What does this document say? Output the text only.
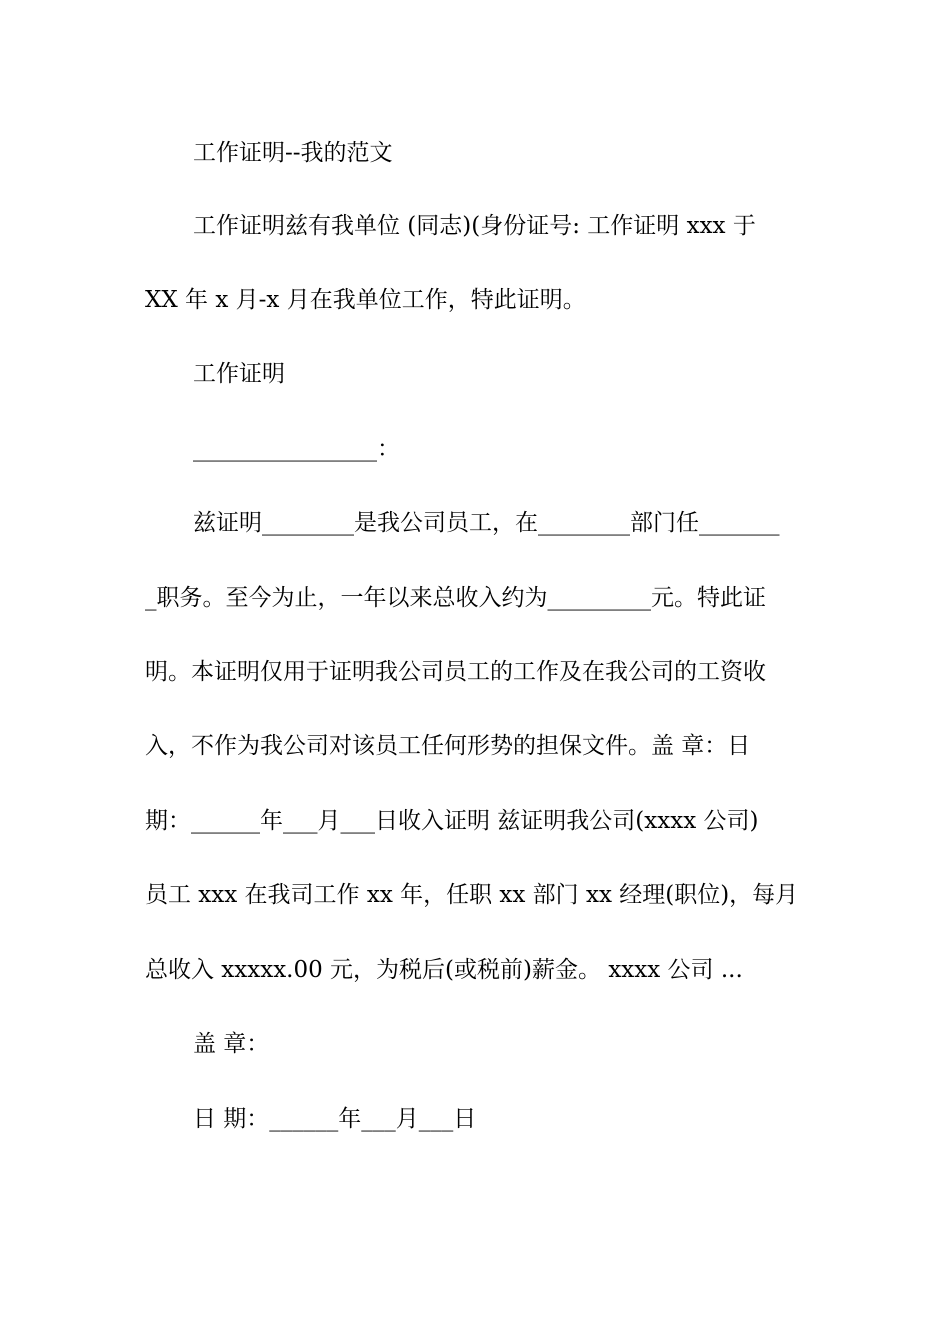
工作证明--我的范文
工作证明兹有我单位 (同志)(身份证号: 工作证明 xxx 于
XX 年 x 月-x 月在我单位工作，特此证明。
工作证明
________________：
兹证明________是我公司员工，在________部门任_______
_职务。至今为止，一年以来总收入约为_________元。特此证
明。本证明仅用于证明我公司员工的工作及在我公司的工资收
入，不作为我公司对该员工任何形势的担保文件。盖 章：日
期：______年___月___日收入证明 兹证明我公司(xxxx 公司)
员工 xxx 在我司工作 xx 年，任职 xx 部门 xx 经理(职位)，每月
总收入 xxxxx.00 元，为税后(或税前)薪金。 xxxx 公司 ...
盖 章：
日 期：______年___月___日
